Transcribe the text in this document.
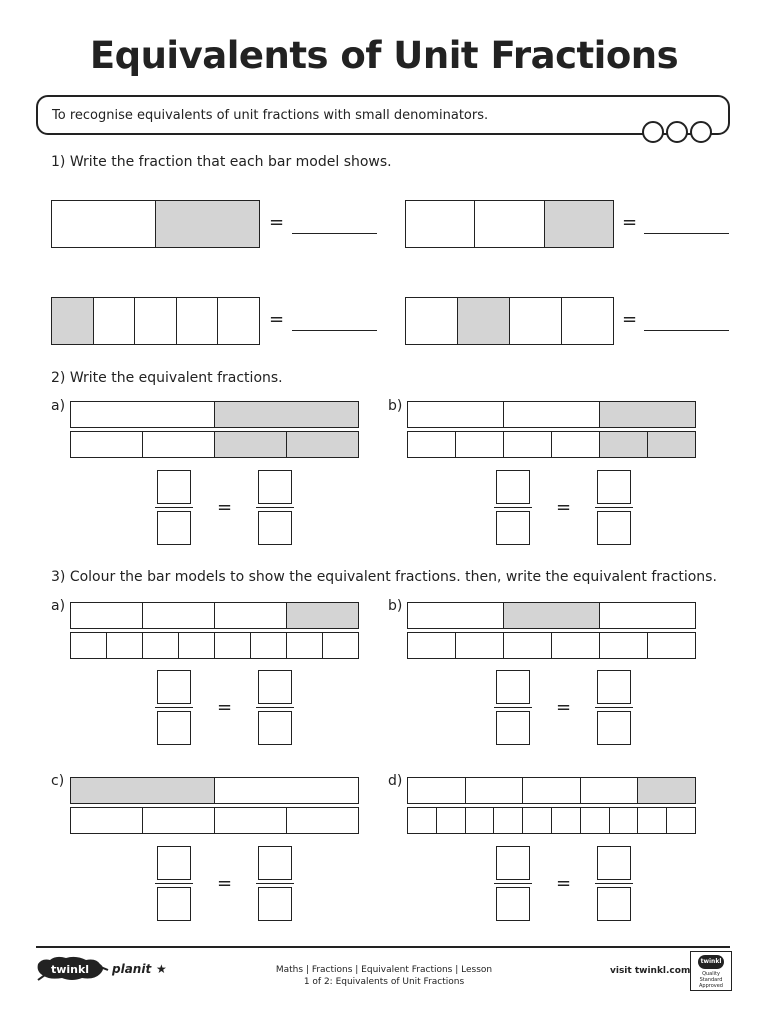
Equivalents of Unit Fractions
To recognise equivalents of unit fractions with small denominators.
1) Write the fraction that each bar model shows.
=	=
=	=
2) Write the equivalent fractions.
a)
=
b)
=
3) Colour the bar models to show the equivalent fractions. then, write the equivalent fractions.
a)
=
b)
=
c)
=
d)
=
twinkl planit ★	Maths | Fractions | Equivalent Fractions | Lesson
1 of 2: Equivalents of Unit Fractions
visit twinkl.com
twinkl
Quality Standard
Approved
